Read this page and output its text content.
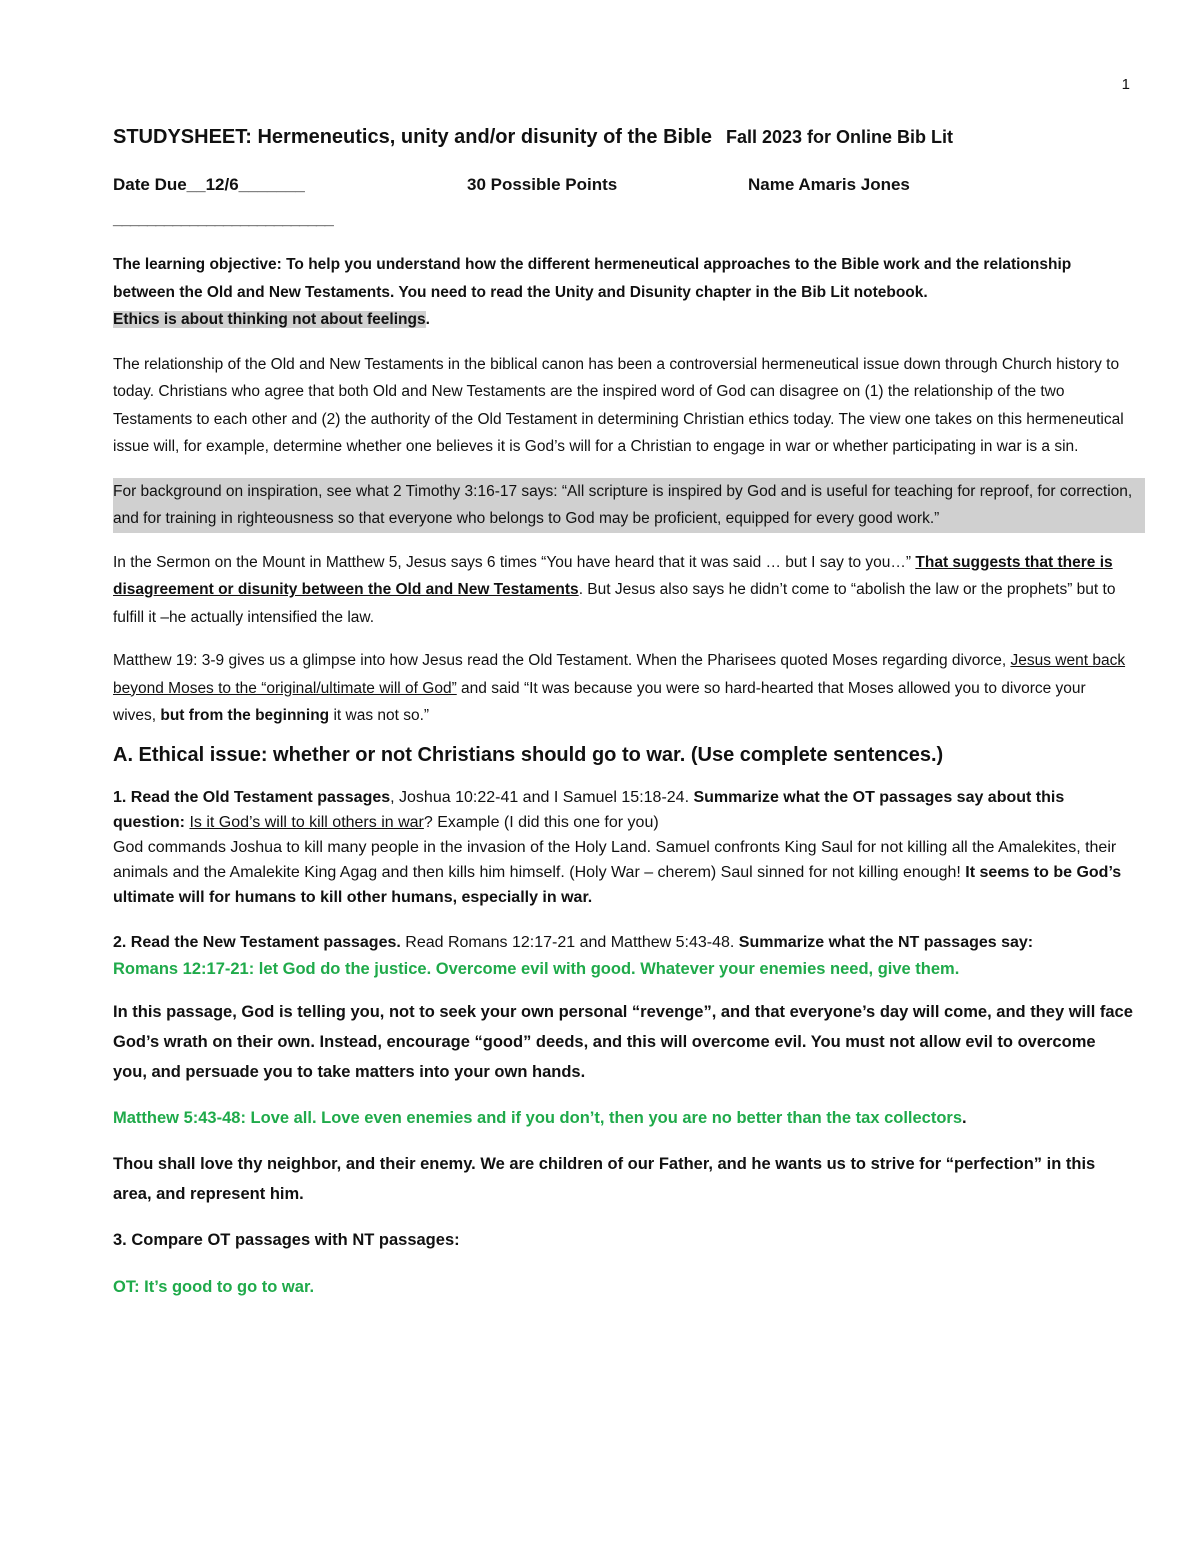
1
STUDYSHEET: Hermeneutics, unity and/or disunity of the Bible Fall 2023 for Online Bib Lit
Date Due__12/6_______	30 Possible Points	Name Amaris Jones
__________________________
The learning objective: To help you understand how the different hermeneutical approaches to the Bible work and the relationship between the Old and New Testaments. You need to read the Unity and Disunity chapter in the Bib Lit notebook.
Ethics is about thinking not about feelings.
The relationship of the Old and New Testaments in the biblical canon has been a controversial hermeneutical issue down through Church history to today. Christians who agree that both Old and New Testaments are the inspired word of God can disagree on (1) the relationship of the two Testaments to each other and (2) the authority of the Old Testament in determining Christian ethics today. The view one takes on this hermeneutical issue will, for example, determine whether one believes it is God’s will for a Christian to engage in war or whether participating in war is a sin.
For background on inspiration, see what 2 Timothy 3:16-17 says: “All scripture is inspired by God and is useful for teaching for reproof, for correction, and for training in righteousness so that everyone who belongs to God may be proficient, equipped for every good work.”
In the Sermon on the Mount in Matthew 5, Jesus says 6 times “You have heard that it was said … but I say to you…” That suggests that there is disagreement or disunity between the Old and New Testaments. But Jesus also says he didn’t come to “abolish the law or the prophets” but to fulfill it –he actually intensified the law.
Matthew 19: 3-9 gives us a glimpse into how Jesus read the Old Testament. When the Pharisees quoted Moses regarding divorce, Jesus went back beyond Moses to the “original/ultimate will of God” and said “It was because you were so hard-hearted that Moses allowed you to divorce your wives, but from the beginning it was not so.”
A. Ethical issue: whether or not Christians should go to war. (Use complete sentences.)
1. Read the Old Testament passages, Joshua 10:22-41 and I Samuel 15:18-24. Summarize what the OT passages say about this question: Is it God’s will to kill others in war? Example (I did this one for you)
God commands Joshua to kill many people in the invasion of the Holy Land. Samuel confronts King Saul for not killing all the Amalekites, their animals and the Amalekite King Agag and then kills him himself. (Holy War – cherem) Saul sinned for not killing enough! It seems to be God’s ultimate will for humans to kill other humans, especially in war.
2. Read the New Testament passages. Read Romans 12:17-21 and Matthew 5:43-48. Summarize what the NT passages say:
Romans 12:17-21: let God do the justice. Overcome evil with good. Whatever your enemies need, give them.
In this passage, God is telling you, not to seek your own personal “revenge”, and that everyone’s day will come, and they will face God’s wrath on their own. Instead, encourage “good” deeds, and this will overcome evil. You must not allow evil to overcome you, and persuade you to take matters into your own hands.
Matthew 5:43-48: Love all. Love even enemies and if you don’t, then you are no better than the tax collectors.
Thou shall love thy neighbor, and their enemy. We are children of our Father, and he wants us to strive for “perfection” in this area, and represent him.
3. Compare OT passages with NT passages:
OT: It’s good to go to war.
